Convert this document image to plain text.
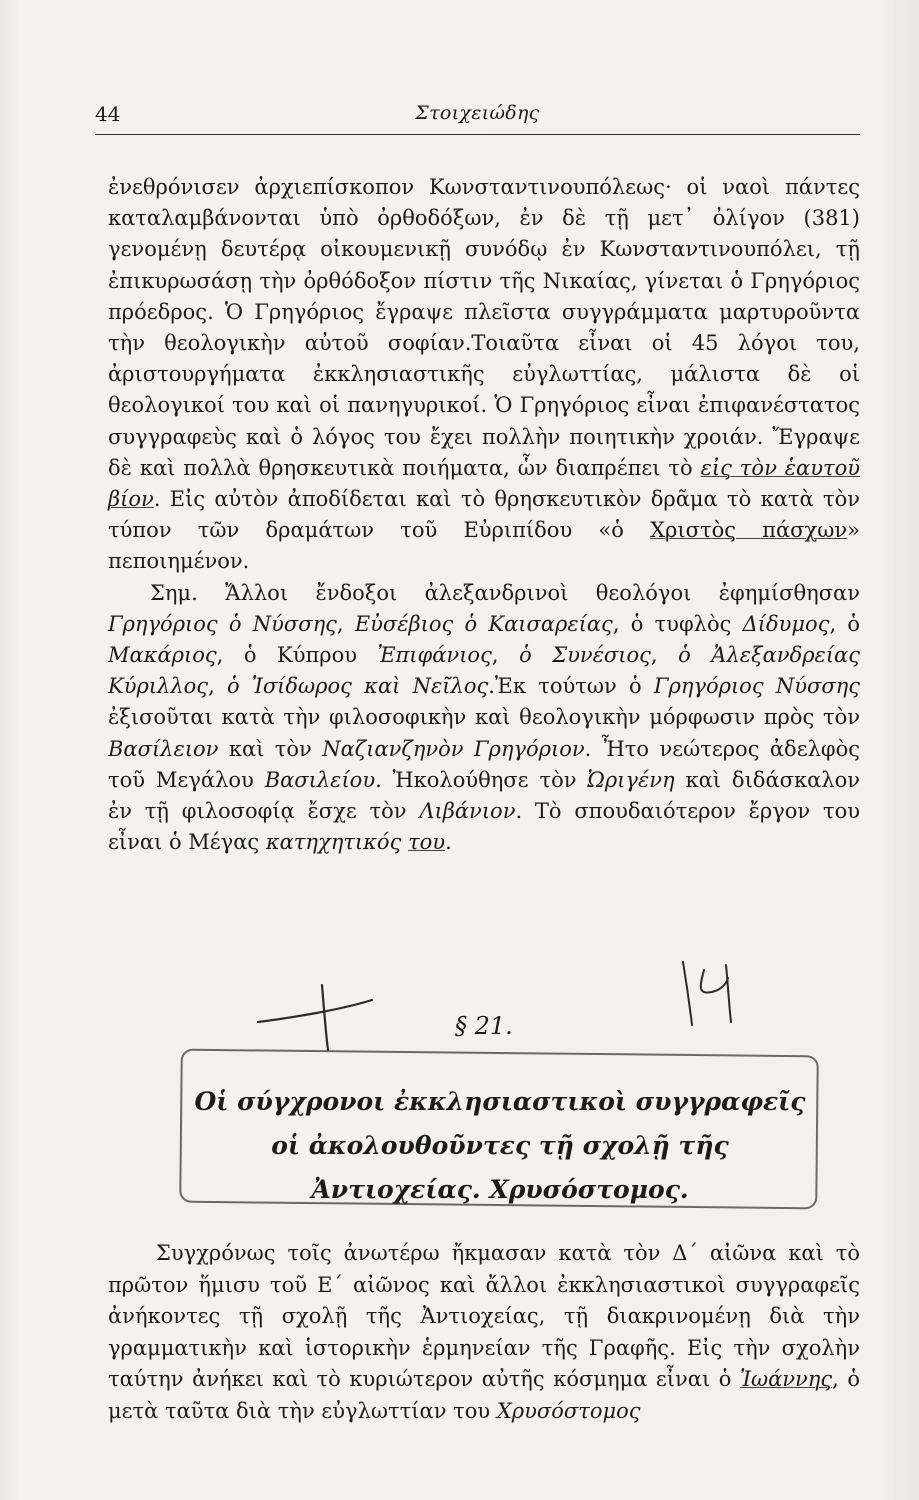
44	Στοιχειώδης

ἐνεθρόνισεν ἀρχιεπίσκοπον Κωνσταντινουπόλεως· οἱ ναοὶ πάντες καταλαμβάνονται ὑπὸ ὀρθοδόξων, ἐν δὲ τῇ μετ᾽ ὀλίγον (381) γενομένῃ δευτέρᾳ οἰκουμενικῇ συνόδῳ ἐν Κωνσταντινουπόλει, τῇ ἐπικυρωσάσῃ τὴν ὀρθόδοξον πίστιν τῆς Νικαίας, γίνεται ὁ Γρηγόριος πρόεδρος. Ὁ Γρηγόριος ἔγραψε πλεῖστα συγγράμματα μαρτυροῦντα τὴν θεολογικὴν αὐτοῦ σοφίαν.Τοιαῦτα εἶναι οἱ 45 λόγοι του, ἀριστουργήματα ἐκκλησιαστικῆς εὐγλωττίας, μάλιστα δὲ οἱ θεολογικοί του καὶ οἱ πανηγυρικοί. Ὁ Γρηγόριος εἶναι ἐπιφανέστατος συγγραφεὺς καὶ ὁ λόγος του ἔχει πολλὴν ποιητικὴν χροιάν. Ἔγραψε δὲ καὶ πολλὰ θρησκευτικὰ ποιήματα, ὧν διαπρέπει τὸ εἰς τὸν ἑαυτοῦ βίον. Εἰς αὐτὸν ἀποδίδεται καὶ τὸ θρησκευτικὸν δρᾶμα τὸ κατὰ τὸν τύπον τῶν δραμάτων τοῦ Εὐριπίδου «ὁ Χριστὸς πάσχων» πεποιημένον.

Σημ. Ἄλλοι ἔνδοξοι ἀλεξανδρινοὶ θεολόγοι ἐφημίσθησαν Γρηγόριος ὁ Νύσσης, Εὐσέβιος ὁ Καισαρείας, ὁ τυφλὸς Δίδυμος, ὁ Μακάριος, ὁ Κύπρου Ἐπιφάνιος, ὁ Συνέσιος, ὁ Ἀλεξανδρείας Κύριλλος, ὁ Ἰσίδωρος καὶ Νεῖλος.Ἐκ τούτων ὁ Γρηγόριος Νύσσης ἐξισοῦται κατὰ τὴν φιλοσοφικὴν καὶ θεολογικὴν μόρφωσιν πρὸς τὸν Βασίλειον καὶ τὸν Ναζιανζηνὸν Γρηγόριον. Ἦτο νεώτερος ἀδελφὸς τοῦ Μεγάλου Βασιλείου. Ἠκολούθησε τὸν Ὠριγένη καὶ διδάσκαλον ἐν τῇ φιλοσοφίᾳ ἔσχε τὸν Λιβάνιον. Τὸ σπουδαιότερον ἔργον του εἶναι ὁ Μέγας κατηχητικός του.

§ 21.
Οἱ σύγχρονοι ἐκκλησιαστικοὶ συγγραφεῖς
οἱ ἀκολουθοῦντες τῇ σχολῇ τῆς
Ἀντιοχείας. Χρυσόστομος.

Συγχρόνως τοῖς ἀνωτέρω ἤκμασαν κατὰ τὸν Δ΄ αἰῶνα καὶ τὸ πρῶτον ἥμισυ τοῦ Ε΄ αἰῶνος καὶ ἄλλοι ἐκκλησιαστικοὶ συγγραφεῖς ἀνήκοντες τῇ σχολῇ τῆς Ἀντιοχείας, τῇ διακρινομένῃ διὰ τὴν γραμματικὴν καὶ ἱστορικὴν ἑρμηνείαν τῆς Γραφῆς. Εἰς τὴν σχολὴν ταύτην ἀνήκει καὶ τὸ κυριώτερον αὐτῆς κόσμημα εἶναι ὁ Ἰωάννης, ὁ μετὰ ταῦτα διὰ τὴν εὐγλωττίαν του Χρυσόστομος
